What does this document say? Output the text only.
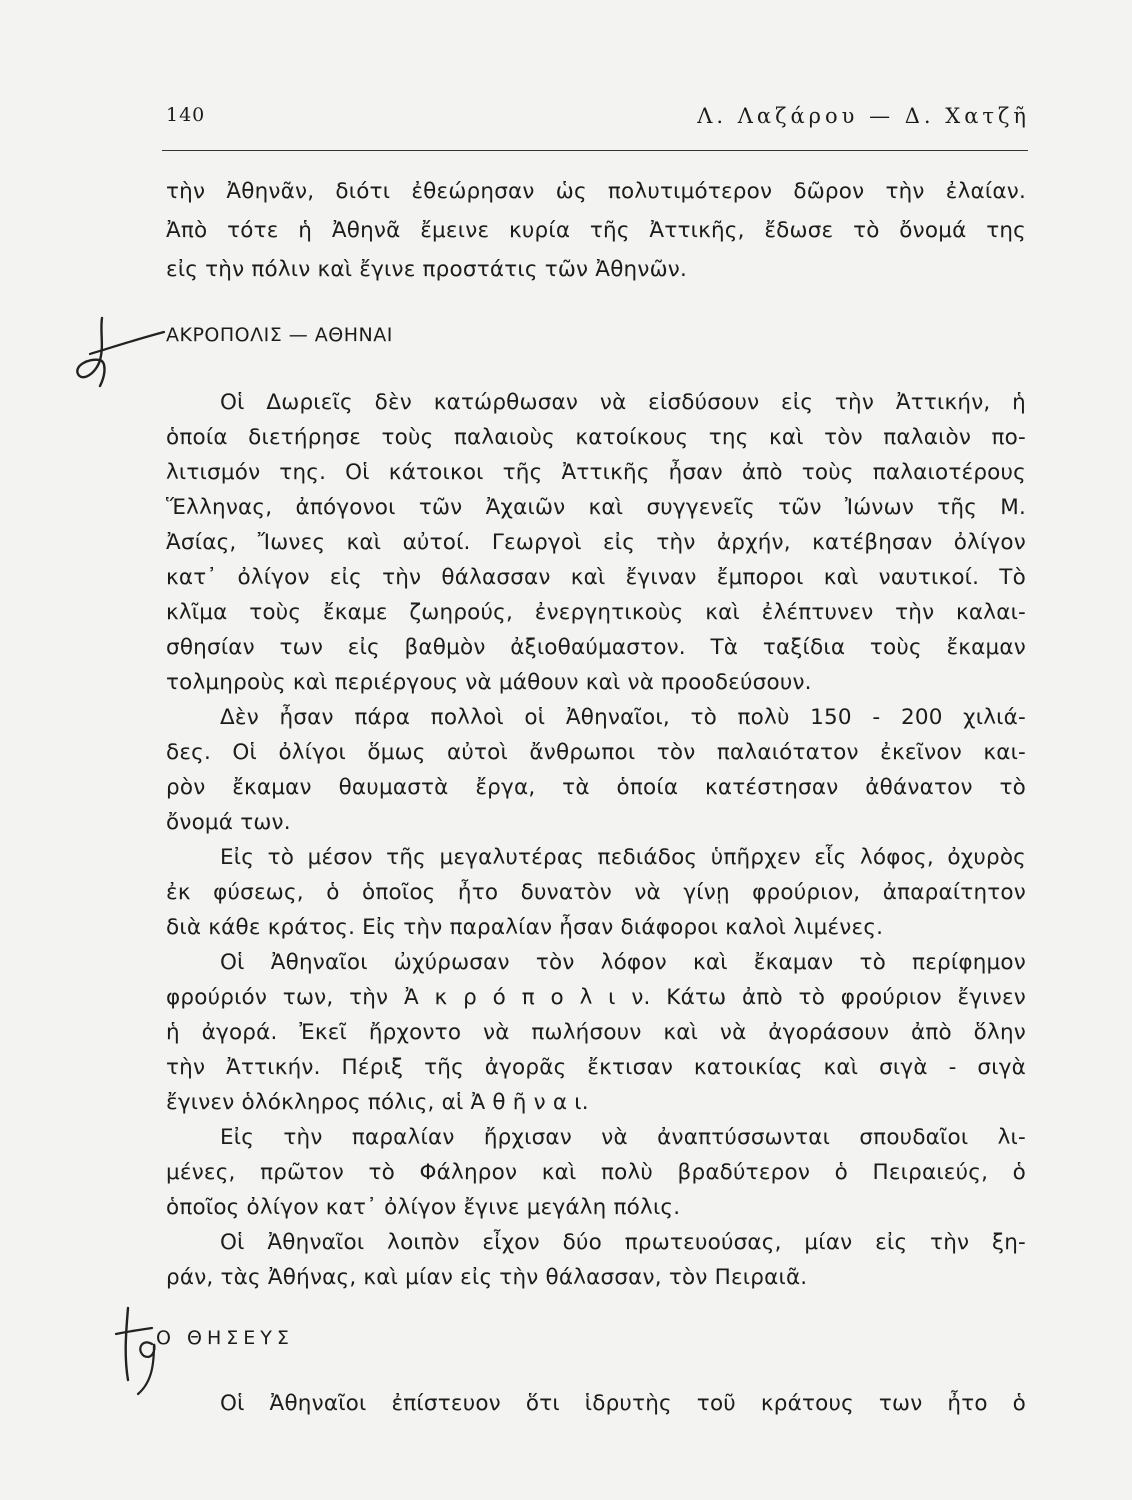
140	Λ. Λαζάρου — Δ. Χατζῆ
τὴν Ἀθηνᾶν, διότι ἐθεώρησαν ὡς πολυτιμότερον δῶρον τὴν ἐλαίαν.
Ἀπὸ τότε ἡ Ἀθηνᾶ ἔμεινε κυρία τῆς Ἀττικῆς, ἔδωσε τὸ ὄνομά της
εἰς τὴν πόλιν καὶ ἔγινε προστάτις τῶν Ἀθηνῶν.
ΑΚΡΟΠΟΛΙΣ — ΑΘΗΝΑΙ
Οἱ Δωριεῖς δὲν κατώρθωσαν νὰ εἰσδύσουν εἰς τὴν Ἀττικήν, ἡ
ὁποία διετήρησε τοὺς παλαιοὺς κατοίκους της καὶ τὸν παλαιὸν πο-
λιτισμόν της. Οἱ κάτοικοι τῆς Ἀττικῆς ἦσαν ἀπὸ τοὺς παλαιοτέρους
Ἕλληνας, ἀπόγονοι τῶν Ἀχαιῶν καὶ συγγενεῖς τῶν Ἰώνων τῆς Μ.
Ἀσίας, Ἴωνες καὶ αὐτοί. Γεωργοὶ εἰς τὴν ἀρχήν, κατέβησαν ὀλίγον
κατ᾽ ὀλίγον εἰς τὴν θάλασσαν καὶ ἔγιναν ἔμποροι καὶ ναυτικοί. Τὸ
κλῖμα τοὺς ἔκαμε ζωηρούς, ἐνεργητικοὺς καὶ ἐλέπτυνεν τὴν καλαι-
σθησίαν των εἰς βαθμὸν ἀξιοθαύμαστον. Τὰ ταξίδια τοὺς ἔκαμαν
τολμηροὺς καὶ περιέργους νὰ μάθουν καὶ νὰ προοδεύσουν.
Δὲν ἦσαν πάρα πολλοὶ οἱ Ἀθηναῖοι, τὸ πολὺ 150 - 200 χιλιά-
δες. Οἱ ὀλίγοι ὅμως αὐτοὶ ἄνθρωποι τὸν παλαιότατον ἐκεῖνον και-
ρὸν ἔκαμαν θαυμαστὰ ἔργα, τὰ ὁποία κατέστησαν ἀθάνατον τὸ
ὄνομά των.
Εἰς τὸ μέσον τῆς μεγαλυτέρας πεδιάδος ὑπῆρχεν εἷς λόφος, ὀχυρὸς
ἐκ φύσεως, ὁ ὁποῖος ἦτο δυνατὸν νὰ γίνῃ φρούριον, ἀπαραίτητον
διὰ κάθε κράτος. Εἰς τὴν παραλίαν ἦσαν διάφοροι καλοὶ λιμένες.
Οἱ Ἀθηναῖοι ὠχύρωσαν τὸν λόφον καὶ ἔκαμαν τὸ περίφημον
φρούριόν των, τὴν Ἀ κ ρ ό π ο λ ι ν. Κάτω ἀπὸ τὸ φρούριον ἔγινεν
ἡ ἀγορά. Ἐκεῖ ἤρχοντο νὰ πωλήσουν καὶ νὰ ἀγοράσουν ἀπὸ ὅλην
τὴν Ἀττικήν. Πέριξ τῆς ἀγορᾶς ἔκτισαν κατοικίας καὶ σιγὰ - σιγὰ
ἔγινεν ὁλόκληρος πόλις, αἱ Ἀ θ ῆ ν α ι.
Εἰς τὴν παραλίαν ἤρχισαν νὰ ἀναπτύσσωνται σπουδαῖοι λι-
μένες, πρῶτον τὸ Φάληρον καὶ πολὺ βραδύτερον ὁ Πειραιεύς, ὁ
ὁποῖος ὀλίγον κατ᾽ ὀλίγον ἔγινε μεγάλη πόλις.
Οἱ Ἀθηναῖοι λοιπὸν εἶχον δύο πρωτευούσας, μίαν εἰς τὴν ξη-
ράν, τὰς Ἀθήνας, καὶ μίαν εἰς τὴν θάλασσαν, τὸν Πειραιᾶ.
Ο ΘΗΣΕΥΣ
Οἱ Ἀθηναῖοι ἐπίστευον ὅτι ἱδρυτὴς τοῦ κράτους των ἦτο ὁ
